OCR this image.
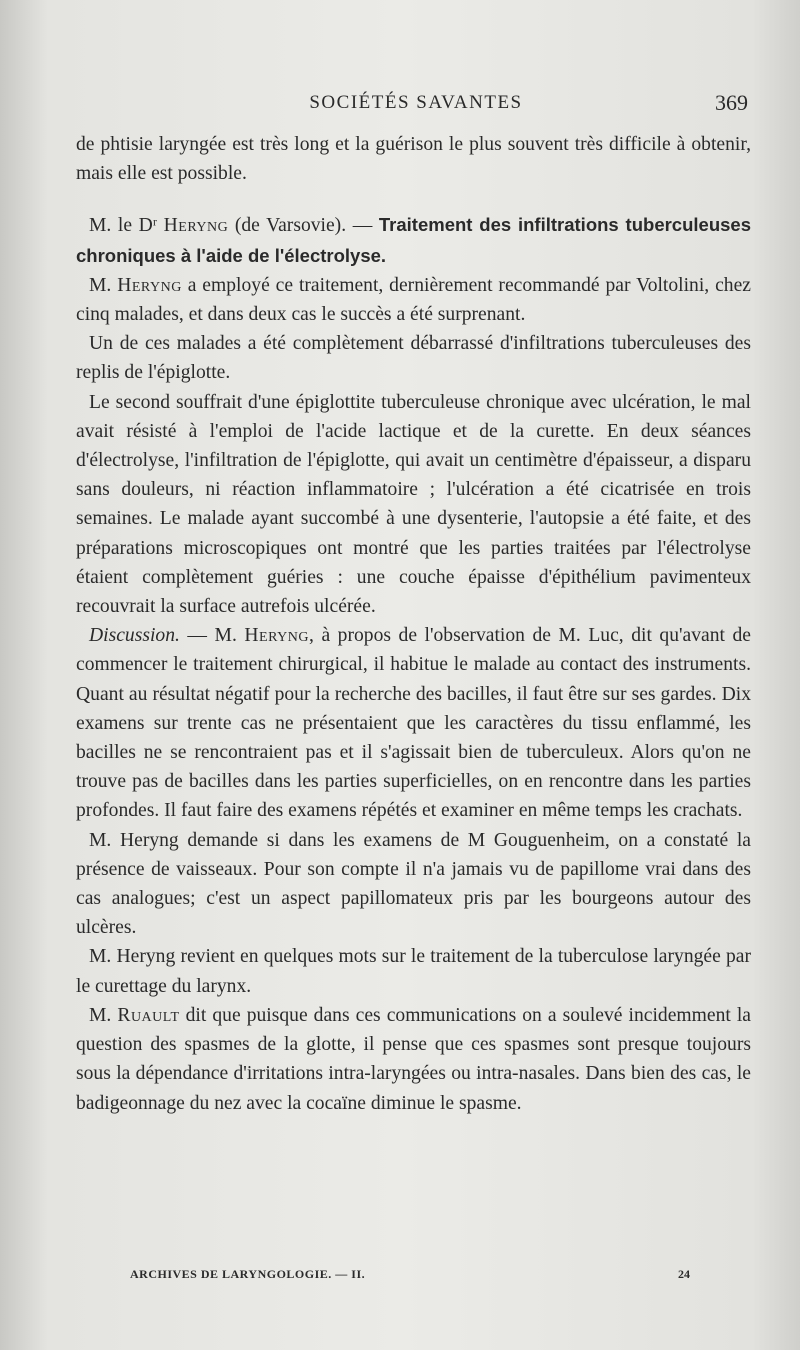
SOCIÉTÉS SAVANTES	369

de phtisie laryngée est très long et la guérison le plus souvent très difficile à obtenir, mais elle est possible.

M. le Dʳ Heryng (de Varsovie). — Traitement des infiltrations tuberculeuses chroniques à l'aide de l'électrolyse.

M. Heryng a employé ce traitement, dernièrement recommandé par Voltolini, chez cinq malades, et dans deux cas le succès a été surprenant.

Un de ces malades a été complètement débarrassé d'infiltrations tuberculeuses des replis de l'épiglotte.

Le second souffrait d'une épiglottite tuberculeuse chronique avec ulcération, le mal avait résisté à l'emploi de l'acide lactique et de la curette. En deux séances d'électrolyse, l'infiltration de l'épiglotte, qui avait un centimètre d'épaisseur, a disparu sans douleurs, ni réaction inflammatoire ; l'ulcération a été cicatrisée en trois semaines. Le malade ayant succombé à une dysenterie, l'autopsie a été faite, et des préparations microscopiques ont montré que les parties traitées par l'électrolyse étaient complètement guéries : une couche épaisse d'épithélium pavimenteux recouvrait la surface autrefois ulcérée.

Discussion. — M. Heryng, à propos de l'observation de M. Luc, dit qu'avant de commencer le traitement chirurgical, il habitue le malade au contact des instruments. Quant au résultat négatif pour la recherche des bacilles, il faut être sur ses gardes. Dix examens sur trente cas ne présentaient que les caractères du tissu enflammé, les bacilles ne se rencontraient pas et il s'agissait bien de tuberculeux. Alors qu'on ne trouve pas de bacilles dans les parties superficielles, on en rencontre dans les parties profondes. Il faut faire des examens répétés et examiner en même temps les crachats.

M. Heryng demande si dans les examens de M Gouguenheim, on a constaté la présence de vaisseaux. Pour son compte il n'a jamais vu de papillome vrai dans des cas analogues; c'est un aspect papillomateux pris par les bourgeons autour des ulcères.

M. Heryng revient en quelques mots sur le traitement de la tuberculose laryngée par le curettage du larynx.

M. Ruault dit que puisque dans ces communications on a soulevé incidemment la question des spasmes de la glotte, il pense que ces spasmes sont presque toujours sous la dépendance d'irritations intra-laryngées ou intra-nasales. Dans bien des cas, le badigeonnage du nez avec la cocaïne diminue le spasme.

ARCHIVES DE LARYNGOLOGIE. — II.	24
